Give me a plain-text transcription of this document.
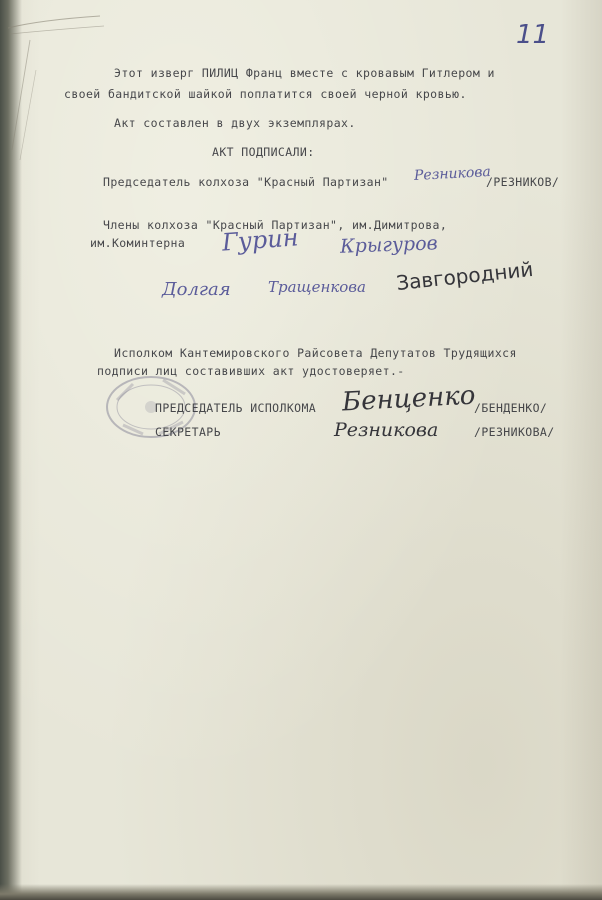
11
Этот изверг ПИЛИЦ Франц вместе с кровавым Гитлером и
своей бандитской шайкой поплатится своей черной кровью.
Акт составлен в двух экземплярах.
АКТ ПОДПИСАЛИ:
Председатель колхоза "Красный Партизан" Резникова
/РЕЗНИКОВ/
Члены колхоза "Красный Партизан", им.Димитрова,
им.Коминтерна Гурин Крыгуров
Долгая Тращенкова Завгородний
Исполком Кантемировского Райсовета Депутатов Трудящихся
подписи лиц составивших акт удостоверяет.-
ПРЕДСЕДАТЕЛЬ ИСПОЛКОМА Бенценко
/БЕНДЕНКО/
СЕКРЕТАРЬ	Резникова	/РЕЗНИКОВА/
